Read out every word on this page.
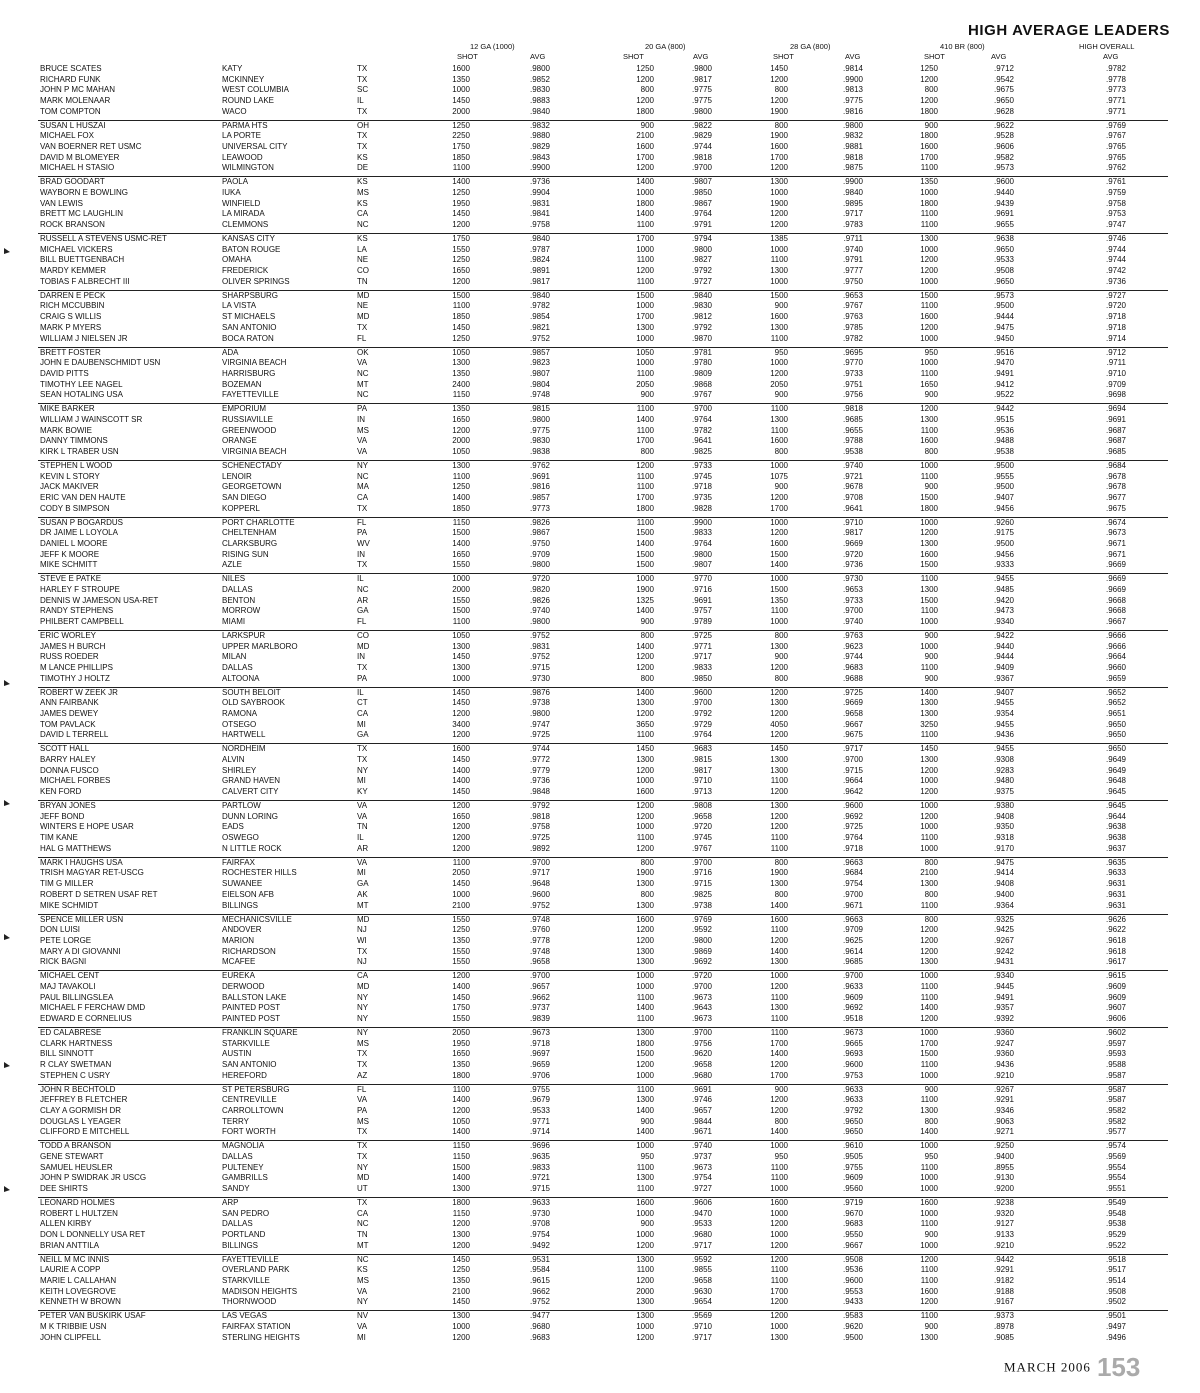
HIGH AVERAGE LEADERS
12 GA (1000)	20 GA (800)	28 GA (800)	410 BR (800)	HIGH OVERALL
SHOT	AVG	SHOT	AVG	SHOT	AVG	SHOT	AVG	AVG
BRUCE SCATES	KATY	TX	1600	.9800	1250	.9800	1450	.9814	1250	.9712	.9782
RICHARD FUNK	MCKINNEY	TX	1350	.9852	1200	.9817	1200	.9900	1200	.9542	.9778
JOHN P MC MAHAN	WEST COLUMBIA	SC	1000	.9830	800	.9775	800	.9813	800	.9675	.9773
MARK MOLENAAR	ROUND LAKE	IL	1450	.9883	1200	.9775	1200	.9775	1200	.9650	.9771
TOM COMPTON	WACO	TX	2000	.9840	1800	.9800	1900	.9816	1800	.9628	.9771
SUSAN L HUSZAI	PARMA HTS	OH	1250	.9832	900	.9822	800	.9800	900	.9622	.9769
MICHAEL FOX	LA PORTE	TX	2250	.9880	2100	.9829	1900	.9832	1800	.9528	.9767
VAN BOERNER RET USMC	UNIVERSAL CITY	TX	1750	.9829	1600	.9744	1600	.9881	1600	.9606	.9765
DAVID M BLOMEYER	LEAWOOD	KS	1850	.9843	1700	.9818	1700	.9818	1700	.9582	.9765
MICHAEL H STASIO	WILMINGTON	DE	1100	.9900	1200	.9700	1200	.9875	1100	.9573	.9762
BRAD GOODART	PAOLA	KS	1400	.9736	1400	.9807	1300	.9900	1350	.9600	.9761
WAYBORN E BOWLING	IUKA	MS	1250	.9904	1000	.9850	1000	.9840	1000	.9440	.9759
VAN LEWIS	WINFIELD	KS	1950	.9831	1800	.9867	1900	.9895	1800	.9439	.9758
BRETT MC LAUGHLIN	LA MIRADA	CA	1450	.9841	1400	.9764	1200	.9717	1100	.9691	.9753
ROCK BRANSON	CLEMMONS	NC	1200	.9758	1100	.9791	1200	.9783	1100	.9655	.9747
RUSSELL A STEVENS USMC-RET	KANSAS CITY	KS	1750	.9840	1700	.9794	1385	.9711	1300	.9638	.9746
MICHAEL VICKERS	BATON ROUGE	LA	1550	.9787	1000	.9800	1000	.9740	1000	.9650	.9744
BILL BUETTGENBACH	OMAHA	NE	1250	.9824	1100	.9827	1100	.9791	1200	.9533	.9744
MARDY KEMMER	FREDERICK	CO	1650	.9891	1200	.9792	1300	.9777	1200	.9508	.9742
TOBIAS F ALBRECHT III	OLIVER SPRINGS	TN	1200	.9817	1100	.9727	1000	.9750	1000	.9650	.9736
DARREN E PECK	SHARPSBURG	MD	1500	.9840	1500	.9840	1500	.9653	1500	.9573	.9727
RICH MCCUBBIN	LA VISTA	NE	1100	.9782	1000	.9830	900	.9767	1100	.9500	.9720
CRAIG S WILLIS	ST MICHAELS	MD	1850	.9854	1700	.9812	1600	.9763	1600	.9444	.9718
MARK P MYERS	SAN ANTONIO	TX	1450	.9821	1300	.9792	1300	.9785	1200	.9475	.9718
WILLIAM J NIELSEN JR	BOCA RATON	FL	1250	.9752	1000	.9870	1100	.9782	1000	.9450	.9714
BRETT FOSTER	ADA	OK	1050	.9857	1050	.9781	950	.9695	950	.9516	.9712
JOHN E DAUBENSCHMIDT USN	VIRGINIA BEACH	VA	1300	.9823	1000	.9780	1000	.9770	1000	.9470	.9711
DAVID PITTS	HARRISBURG	NC	1350	.9807	1100	.9809	1200	.9733	1100	.9491	.9710
TIMOTHY LEE NAGEL	BOZEMAN	MT	2400	.9804	2050	.9868	2050	.9751	1650	.9412	.9709
SEAN HOTALING USA	FAYETTEVILLE	NC	1150	.9748	900	.9767	900	.9756	900	.9522	.9698
MIKE BARKER	EMPORIUM	PA	1350	.9815	1100	.9700	1100	.9818	1200	.9442	.9694
WILLIAM J WAINSCOTT SR	RUSSIAVILLE	IN	1650	.9800	1400	.9764	1300	.9685	1300	.9515	.9691
MARK BOWIE	GREENWOOD	MS	1200	.9775	1100	.9782	1100	.9655	1100	.9536	.9687
DANNY TIMMONS	ORANGE	VA	2000	.9830	1700	.9641	1600	.9788	1600	.9488	.9687
KIRK L TRABER USN	VIRGINIA BEACH	VA	1050	.9838	800	.9825	800	.9538	800	.9538	.9685
STEPHEN L WOOD	SCHENECTADY	NY	1300	.9762	1200	.9733	1000	.9740	1000	.9500	.9684
KEVIN L STORY	LENOIR	NC	1100	.9691	1100	.9745	1075	.9721	1100	.9555	.9678
JACK MAKIVER	GEORGETOWN	MA	1250	.9816	1100	.9718	900	.9678	900	.9500	.9678
ERIC VAN DEN HAUTE	SAN DIEGO	CA	1400	.9857	1700	.9735	1200	.9708	1500	.9407	.9677
CODY B SIMPSON	KOPPERL	TX	1850	.9773	1800	.9828	1700	.9641	1800	.9456	.9675
SUSAN P BOGARDUS	PORT CHARLOTTE	FL	1150	.9826	1100	.9900	1000	.9710	1000	.9260	.9674
DR JAIME L LOYOLA	CHELTENHAM	PA	1500	.9867	1500	.9833	1200	.9817	1200	.9175	.9673
DANIEL L MOORE	CLARKSBURG	WV	1400	.9750	1400	.9764	1600	.9669	1300	.9500	.9671
JEFF K MOORE	RISING SUN	IN	1650	.9709	1500	.9800	1500	.9720	1600	.9456	.9671
MIKE SCHMITT	AZLE	TX	1550	.9800	1500	.9807	1400	.9736	1500	.9333	.9669
STEVE E PATKE	NILES	IL	1000	.9720	1000	.9770	1000	.9730	1100	.9455	.9669
HARLEY F STROUPE	DALLAS	NC	2000	.9820	1900	.9716	1500	.9653	1300	.9485	.9669
DENNIS W JAMESON USA-RET	BENTON	AR	1550	.9826	1325	.9691	1350	.9733	1500	.9420	.9668
RANDY STEPHENS	MORROW	GA	1500	.9740	1400	.9757	1100	.9700	1100	.9473	.9668
PHILBERT CAMPBELL	MIAMI	FL	1100	.9800	900	.9789	1000	.9740	1000	.9340	.9667
ERIC WORLEY	LARKSPUR	CO	1050	.9752	800	.9725	800	.9763	900	.9422	.9666
JAMES H BURCH	UPPER MARLBORO	MD	1300	.9831	1400	.9771	1300	.9623	1000	.9440	.9666
RUSS ROEDER	MILAN	IN	1450	.9752	1200	.9717	900	.9744	900	.9444	.9664
M LANCE PHILLIPS	DALLAS	TX	1300	.9715	1200	.9833	1200	.9683	1100	.9409	.9660
TIMOTHY J HOLTZ	ALTOONA	PA	1000	.9730	800	.9850	800	.9688	900	.9367	.9659
ROBERT W ZEEK JR	SOUTH BELOIT	IL	1450	.9876	1400	.9600	1200	.9725	1400	.9407	.9652
ANN FAIRBANK	OLD SAYBROOK	CT	1450	.9738	1300	.9700	1300	.9669	1300	.9455	.9652
JAMES DEWEY	RAMONA	CA	1200	.9800	1200	.9792	1200	.9658	1300	.9354	.9651
TOM PAVLACK	OTSEGO	MI	3400	.9747	3650	.9729	4050	.9667	3250	.9455	.9650
DAVID L TERRELL	HARTWELL	GA	1200	.9725	1100	.9764	1200	.9675	1100	.9436	.9650
SCOTT HALL	NORDHEIM	TX	1600	.9744	1450	.9683	1450	.9717	1450	.9455	.9650
BARRY HALEY	ALVIN	TX	1450	.9772	1300	.9815	1300	.9700	1300	.9308	.9649
DONNA FUSCO	SHIRLEY	NY	1400	.9779	1200	.9817	1300	.9715	1200	.9283	.9649
MICHAEL FORBES	GRAND HAVEN	MI	1400	.9736	1000	.9710	1100	.9664	1000	.9480	.9648
KEN FORD	CALVERT CITY	KY	1450	.9848	1600	.9713	1200	.9642	1200	.9375	.9645
BRYAN JONES	PARTLOW	VA	1200	.9792	1200	.9808	1300	.9600	1000	.9380	.9645
JEFF BOND	DUNN LORING	VA	1650	.9818	1200	.9658	1200	.9692	1200	.9408	.9644
WINTERS E HOPE USAR	EADS	TN	1200	.9758	1000	.9720	1200	.9725	1000	.9350	.9638
TIM KANE	OSWEGO	IL	1200	.9725	1100	.9745	1100	.9764	1100	.9318	.9638
HAL G MATTHEWS	N LITTLE ROCK	AR	1200	.9892	1200	.9767	1100	.9718	1000	.9170	.9637
MARK I HAUGHS USA	FAIRFAX	VA	1100	.9700	800	.9700	800	.9663	800	.9475	.9635
TRISH MAGYAR RET-USCG	ROCHESTER HILLS	MI	2050	.9717	1900	.9716	1900	.9684	2100	.9414	.9633
TIM G MILLER	SUWANEE	GA	1450	.9648	1300	.9715	1300	.9754	1300	.9408	.9631
ROBERT D SETREN USAF RET	EIELSON AFB	AK	1000	.9600	800	.9825	800	.9700	800	.9400	.9631
MIKE SCHMIDT	BILLINGS	MT	2100	.9752	1300	.9738	1400	.9671	1100	.9364	.9631
SPENCE MILLER USN	MECHANICSVILLE	MD	1550	.9748	1600	.9769	1600	.9663	800	.9325	.9626
DON LUISI	ANDOVER	NJ	1250	.9760	1200	.9592	1100	.9709	1200	.9425	.9622
PETE LORGE	MARION	WI	1350	.9778	1200	.9800	1200	.9625	1200	.9267	.9618
MARY A DI GIOVANNI	RICHARDSON	TX	1550	.9748	1300	.9869	1400	.9614	1200	.9242	.9618
RICK BAGNI	MCAFEE	NJ	1550	.9658	1300	.9692	1300	.9685	1300	.9431	.9617
MICHAEL CENT	EUREKA	CA	1200	.9700	1000	.9720	1000	.9700	1000	.9340	.9615
MAJ TAVAKOLI	DERWOOD	MD	1400	.9657	1000	.9700	1200	.9633	1100	.9445	.9609
PAUL BILLINGSLEA	BALLSTON LAKE	NY	1450	.9662	1100	.9673	1100	.9609	1100	.9491	.9609
MICHAEL F FERCHAW DMD	PAINTED POST	NY	1750	.9737	1400	.9643	1300	.9692	1400	.9357	.9607
EDWARD E CORNELIUS	PAINTED POST	NY	1550	.9839	1100	.9673	1100	.9518	1200	.9392	.9606
ED CALABRESE	FRANKLIN SQUARE	NY	2050	.9673	1300	.9700	1100	.9673	1000	.9360	.9602
CLARK HARTNESS	STARKVILLE	MS	1950	.9718	1800	.9756	1700	.9665	1700	.9247	.9597
BILL SINNOTT	AUSTIN	TX	1650	.9697	1500	.9620	1400	.9693	1500	.9360	.9593
R CLAY SWETMAN	SAN ANTONIO	TX	1350	.9659	1200	.9658	1200	.9600	1100	.9436	.9588
STEPHEN C USRY	HEREFORD	AZ	1800	.9706	1000	.9680	1700	.9753	1000	.9210	.9587
JOHN R BECHTOLD	ST PETERSBURG	FL	1100	.9755	1100	.9691	900	.9633	900	.9267	.9587
JEFFREY B FLETCHER	CENTREVILLE	VA	1400	.9679	1300	.9746	1200	.9633	1100	.9291	.9587
CLAY A GORMISH DR	CARROLLTOWN	PA	1200	.9533	1400	.9657	1200	.9792	1300	.9346	.9582
DOUGLAS L YEAGER	TERRY	MS	1050	.9771	900	.9844	800	.9650	800	.9063	.9582
CLIFFORD E MITCHELL	FORT WORTH	TX	1400	.9714	1400	.9671	1400	.9650	1400	.9271	.9577
TODD A BRANSON	MAGNOLIA	TX	1150	.9696	1000	.9740	1000	.9610	1000	.9250	.9574
GENE STEWART	DALLAS	TX	1150	.9635	950	.9737	950	.9505	950	.9400	.9569
SAMUEL HEUSLER	PULTENEY	NY	1500	.9833	1100	.9673	1100	.9755	1100	.8955	.9554
JOHN P SWIDRAK JR USCG	GAMBRILLS	MD	1400	.9721	1300	.9754	1100	.9609	1000	.9130	.9554
DEE SHIRTS	SANDY	UT	1300	.9715	1100	.9727	1000	.9560	1000	.9200	.9551
LEONARD HOLMES	ARP	TX	1800	.9633	1600	.9606	1600	.9719	1600	.9238	.9549
ROBERT L HULTZEN	SAN PEDRO	CA	1150	.9730	1000	.9470	1000	.9670	1000	.9320	.9548
ALLEN KIRBY	DALLAS	NC	1200	.9708	900	.9533	1200	.9683	1100	.9127	.9538
DON L DONNELLY USA RET	PORTLAND	TN	1300	.9754	1000	.9680	1000	.9550	900	.9133	.9529
BRIAN ANTTILA	BILLINGS	MT	1200	.9492	1200	.9717	1200	.9667	1000	.9210	.9522
NEILL M MC INNIS	FAYETTEVILLE	NC	1450	.9531	1300	.9592	1200	.9508	1200	.9442	.9518
LAURIE A COPP	OVERLAND PARK	KS	1250	.9584	1100	.9855	1100	.9536	1100	.9291	.9517
MARIE L CALLAHAN	STARKVILLE	MS	1350	.9615	1200	.9658	1100	.9600	1100	.9182	.9514
KEITH LOVEGROVE	MADISON HEIGHTS	VA	2100	.9662	2000	.9630	1700	.9553	1600	.9188	.9508
KENNETH W BROWN	THORNWOOD	NY	1450	.9752	1300	.9654	1200	.9433	1200	.9167	.9502
PETER VAN BUSKIRK USAF	LAS VEGAS	NV	1300	.9477	1300	.9569	1200	.9583	1100	.9373	.9501
M K TRIBBIE USN	FAIRFAX STATION	VA	1000	.9680	1000	.9710	1000	.9620	900	.8978	.9497
JOHN CLIPFELL	STERLING HEIGHTS	MI	1200	.9683	1200	.9717	1300	.9500	1300	.9085	.9496
MARCH 2006 153
